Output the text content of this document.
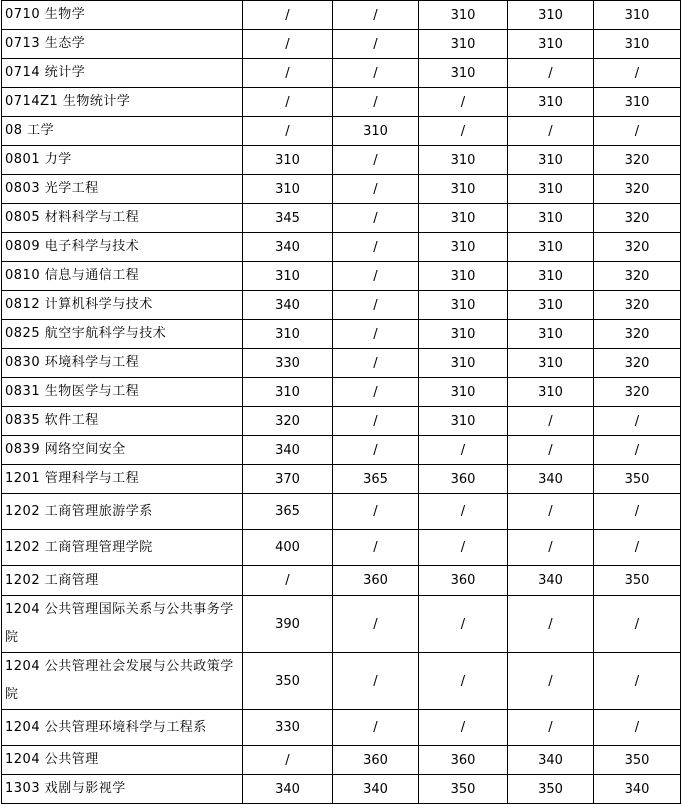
0710 生物学	/	/	310	310	310
0713 生态学	/	/	310	310	310
0714 统计学	/	/	310	/	/
0714Z1 生物统计学	/	/	/	310	310
08 工学	/	310	/	/	/
0801 力学	310	/	310	310	320
0803 光学工程	310	/	310	310	320
0805 材料科学与工程	345	/	310	310	320
0809 电子科学与技术	340	/	310	310	320
0810 信息与通信工程	310	/	310	310	320
0812 计算机科学与技术	340	/	310	310	320
0825 航空宇航科学与技术	310	/	310	310	320
0830 环境科学与工程	330	/	310	310	320
0831 生物医学与工程	310	/	310	310	320
0835 软件工程	320	/	310	/	/
0839 网络空间安全	340	/	/	/	/
1201 管理科学与工程	370	365	360	340	350
1202 工商管理旅游学系	365	/	/	/	/
1202 工商管理管理学院	400	/	/	/	/
1202 工商管理	/	360	360	340	350
1204 公共管理国际关系与公共事务学院	390	/	/	/	/
1204 公共管理社会发展与公共政策学院	350	/	/	/	/
1204 公共管理环境科学与工程系	330	/	/	/	/
1204 公共管理	/	360	360	340	350
1303 戏剧与影视学	340	340	350	350	340
